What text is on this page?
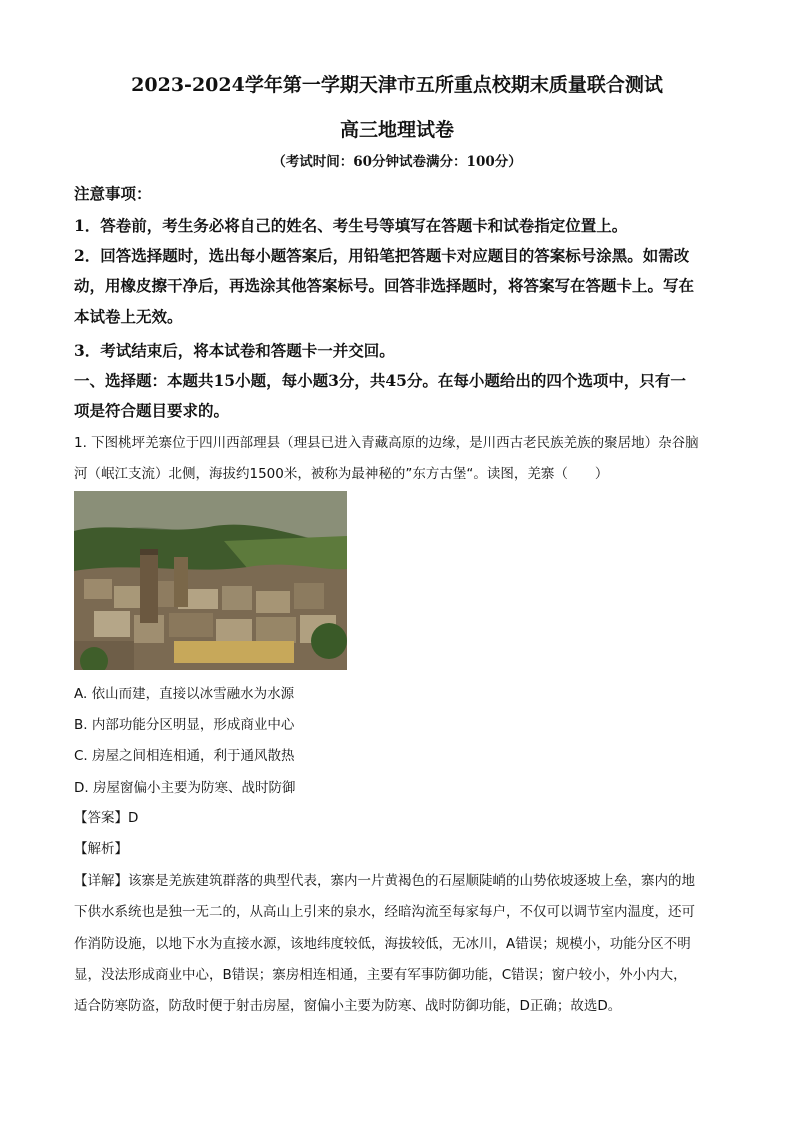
2023-2024学年第一学期天津市五所重点校期末质量联合测试
高三地理试卷
（考试时间：60分钟试卷满分：100分）
注意事项：
1．答卷前，考生务必将自己的姓名、考生号等填写在答题卡和试卷指定位置上。
2．回答选择题时，选出每小题答案后，用铅笔把答题卡对应题目的答案标号涂黑。如需改
动，用橡皮擦干净后，再选涂其他答案标号。回答非选择题时，将答案写在答题卡上。写在
本试卷上无效。
3．考试结束后，将本试卷和答题卡一并交回。
一、选择题：本题共15小题，每小题3分，共45分。在每小题给出的四个选项中，只有一
项是符合题目要求的。
1. 下图桃坪羌寨位于四川西部理县（理县已进入青藏高原的边缘，是川西古老民族羌族的聚居地）杂谷脑
河（岷江支流）北侧，海拔约1500米，被称为最神秘的”东方古堡“。读图，羌寨（　　）
A. 依山而建，直接以冰雪融水为水源
B. 内部功能分区明显，形成商业中心
C. 房屋之间相连相通，利于通风散热
D. 房屋窗偏小主要为防寒、战时防御
【答案】D
【解析】
【详解】该寨是羌族建筑群落的典型代表，寨内一片黄褐色的石屋顺陡峭的山势依坡逐坡上垒，寨内的地
下供水系统也是独一无二的，从高山上引来的泉水，经暗沟流至每家每户，不仅可以调节室内温度，还可
作消防设施，以地下水为直接水源，该地纬度较低，海拔较低，无冰川，A错误；规模小，功能分区不明
显，没法形成商业中心，B错误；寨房相连相通，主要有军事防御功能，C错误；窗户较小，外小内大，
适合防寒防盗，防敌时便于射击房屋，窗偏小主要为防寒、战时防御功能，D正确；故选D。
